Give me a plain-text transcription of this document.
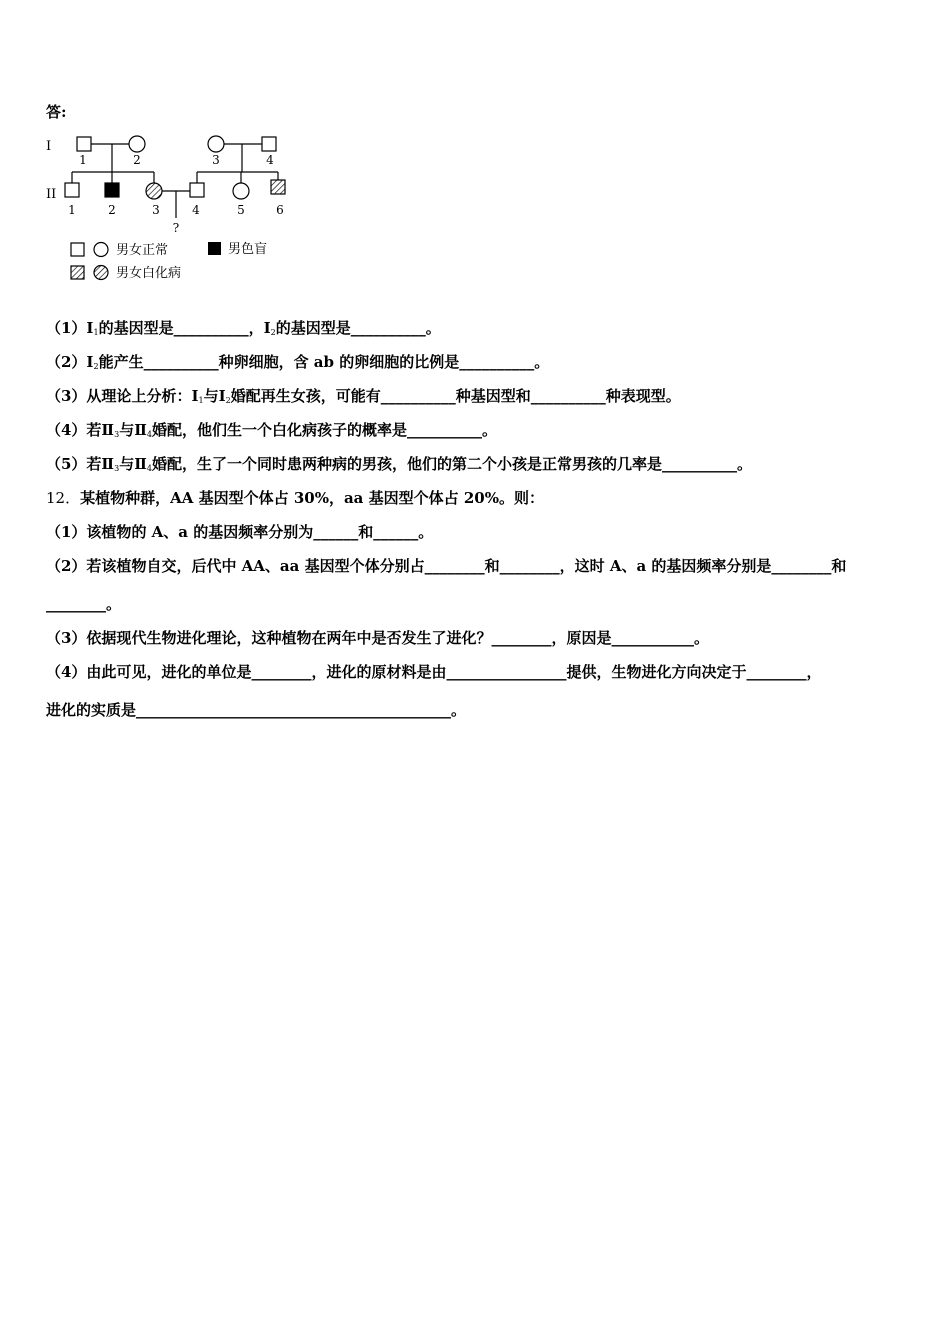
答:
I
II
1	2	3	4
1	2	3	4	5	6
?
男女正常	男色盲
男女白化病
$(1)Ⅰ_1$的基因型是__________，$Ⅰ_2$的基因型是__________。
$(2)Ⅰ_2$能产生__________种卵细胞，含 ab 的卵细胞的比例是__________。
（3）从理论上分析：$Ⅰ_1$与$Ⅰ_2$婚配再生女孩，可能有__________种基因型和__________种表现型。
（4）若$Ⅱ_3$与$Ⅱ_4$婚配，他们生一个白化病孩子的概率是__________。
（5）若$Ⅱ_3$与$Ⅱ_4$婚配，生了一个同时患两种病的男孩，他们的第二个小孩是正常男孩的几率是__________。
12．某植物种群，AA 基因型个体占 30%，aa 基因型个体占 20%。则：
（1）该植物的 A、a 的基因频率分别为______和______。
（2）若该植物自交，后代中 AA、aa 基因型个体分别占________和________，这时 A、a 的基因频率分别是________和
________。
（3）依据现代生物进化理论，这种植物在两年中是否发生了进化？________，原因是___________。
（4）由此可见，进化的单位是________，进化的原材料是由________________提供，生物进化方向决定于________，
进化的实质是__________________________________________。
